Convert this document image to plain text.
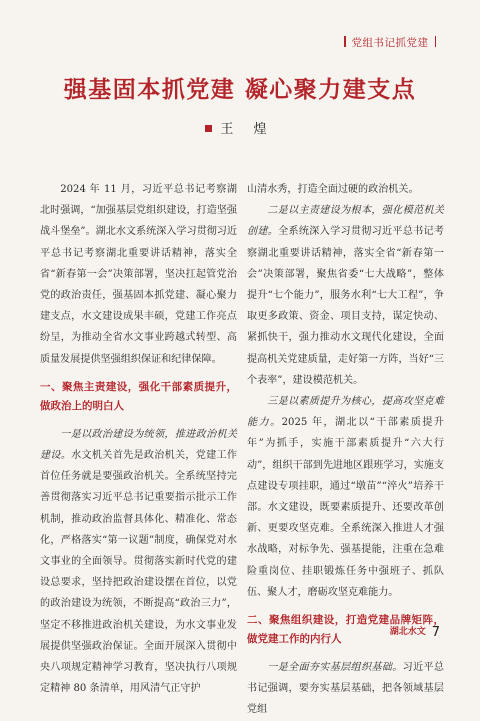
党组书记抓党建
强基固本抓党建 凝心聚力建支点
王 煌

2024 年 11 月，习近平总书记考察湖北时强调，“加强基层党组织建设，打造坚强战斗堡垒”。湖北水文系统深入学习贯彻习近平总书记考察湖北重要讲话精神，落实全省“新春第一会”决策部署，坚决扛起管党治党的政治责任，强基固本抓党建、凝心聚力建支点，水文建设成果丰硕，党建工作亮点纷呈，为推动全省水文事业跨越式转型、高质量发展提供坚强组织保证和纪律保障。

一、聚焦主责建设，强化干部素质提升，做政治上的明白人

一是以政治建设为统领，推进政治机关建设。水文机关首先是政治机关，党建工作首位任务就是要强政治机关。全系统坚持完善贯彻落实习近平总书记重要指示批示工作机制，推动政治监督具体化、精准化、常态化，严格落实“第一议题”制度，确保党对水文事业的全面领导。贯彻落实新时代党的建设总要求，坚持把政治建设摆在首位，以党的政治建设为统领，不断提高“政治三力”，坚定不移推进政治机关建设，为水文事业发展提供坚强政治保证。全面开展深入贯彻中央八项规定精神学习教育，坚决执行八项规定精神 80 条清单，用风清气正守护

山清水秀，打造全面过硬的政治机关。

二是以主责建设为根本，强化模范机关创建。全系统深入学习贯彻习近平总书记考察湖北重要讲话精神，落实全省“新春第一会”决策部署，聚焦省委“七大战略”，整体提升“七个能力”，服务水利“七大工程”，争取更多政策、资金、项目支持，谋定快动、紧抓快干，强力推动水文现代化建设，全面提高机关党建质量，走好第一方阵，当好“三个表率”，建设模范机关。

三是以素质提升为核心，提高攻坚克难能力。2025 年，湖北以“干部素质提升年”为抓手，实施干部素质提升“六大行动”，组织干部到先进地区跟班学习，实施支点建设专项挂职，通过“墩苗”“淬火”培养干部。水文建设，既要素质提升、还要改革创新、更要攻坚克难。全系统深入推进人才强水战略，对标争先、强基提能，注重在急难险重岗位、挂职锻炼任务中强班子、抓队伍、聚人才，磨砺攻坚克难能力。

二、聚焦组织建设，打造党建品牌矩阵，做党建工作的内行人

一是全面夯实基层组织基础。习近平总书记强调，要夯实基层基础，把各领域基层党组

湖北水文 7
